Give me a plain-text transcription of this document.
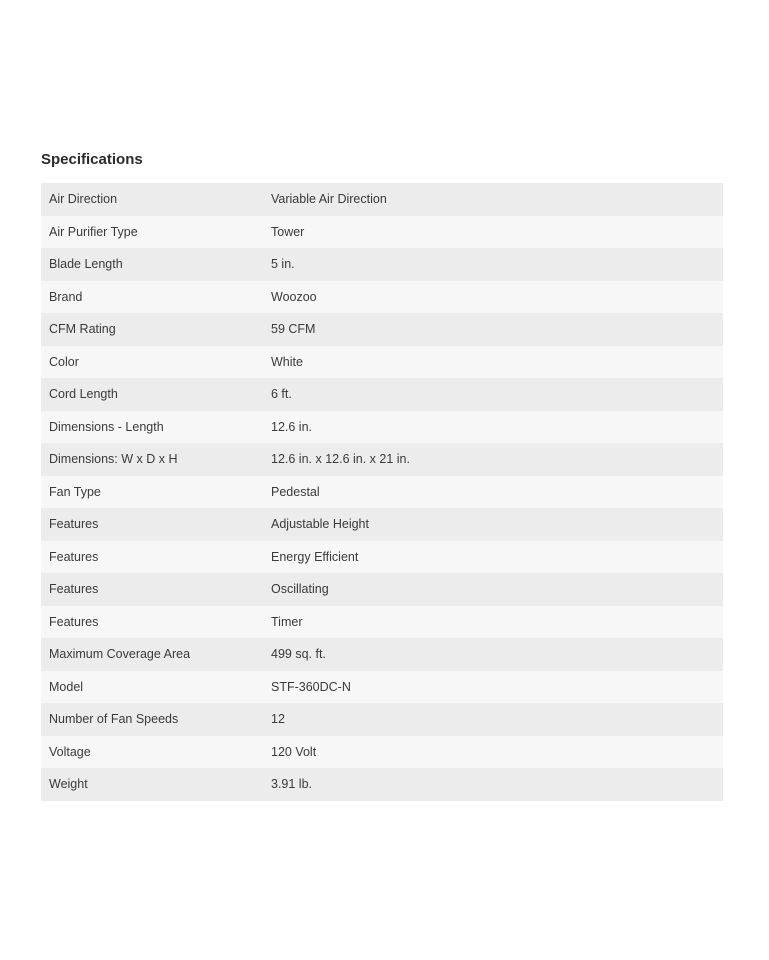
Specifications
Air Direction	Variable Air Direction
Air Purifier Type	Tower
Blade Length	5 in.
Brand	Woozoo
CFM Rating	59 CFM
Color	White
Cord Length	6 ft.
Dimensions - Length	12.6 in.
Dimensions: W x D x H	12.6 in. x 12.6 in. x 21 in.
Fan Type	Pedestal
Features	Adjustable Height
Features	Energy Efficient
Features	Oscillating
Features	Timer
Maximum Coverage Area	499 sq. ft.
Model	STF-360DC-N
Number of Fan Speeds	12
Voltage	120 Volt
Weight	3.91 lb.
